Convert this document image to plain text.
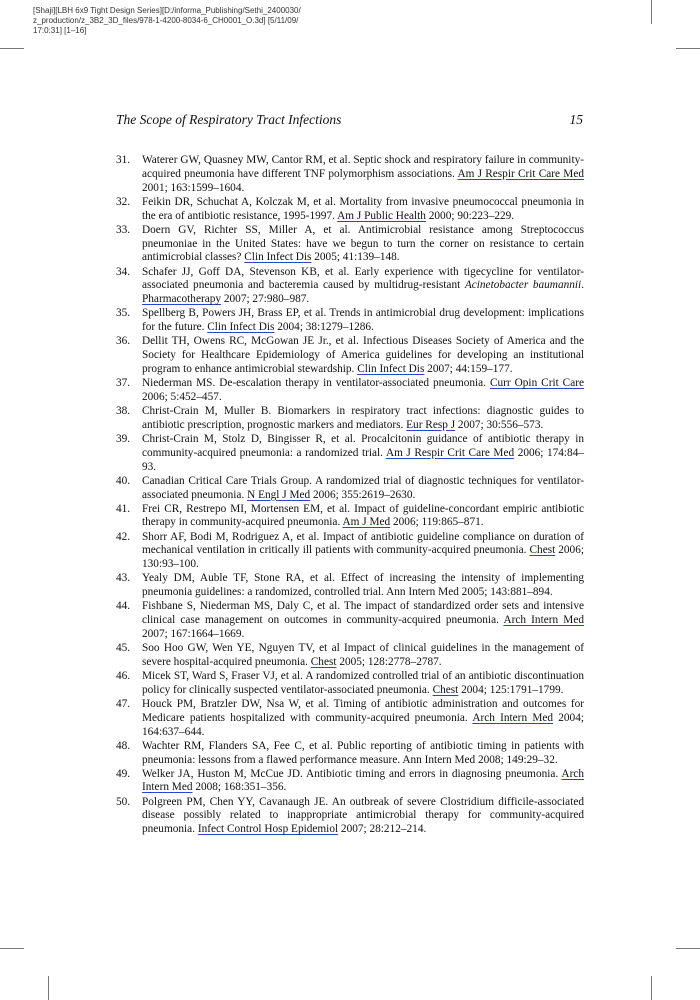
[Shaji][LBH 6x9 Tight Design Series][D:/informa_Publishing/Sethi_2400030/
z_production/z_3B2_3D_files/978-1-4200-8034-6_CH0001_O.3d] [5/11/09/
17:0:31] [1–16]
The Scope of Respiratory Tract Infections	15
31. Waterer GW, Quasney MW, Cantor RM, et al. Septic shock and respiratory failure in community-acquired pneumonia have different TNF polymorphism associations. Am J Respir Crit Care Med 2001; 163:1599–1604.
32. Feikin DR, Schuchat A, Kolczak M, et al. Mortality from invasive pneumococcal pneumonia in the era of antibiotic resistance, 1995-1997. Am J Public Health 2000; 90:223–229.
33. Doern GV, Richter SS, Miller A, et al. Antimicrobial resistance among Streptococcus pneumoniae in the United States: have we begun to turn the corner on resistance to certain antimicrobial classes? Clin Infect Dis 2005; 41:139–148.
34. Schafer JJ, Goff DA, Stevenson KB, et al. Early experience with tigecycline for ventilator-associated pneumonia and bacteremia caused by multidrug-resistant Acinetobacter baumannii. Pharmacotherapy 2007; 27:980–987.
35. Spellberg B, Powers JH, Brass EP, et al. Trends in antimicrobial drug development: implications for the future. Clin Infect Dis 2004; 38:1279–1286.
36. Dellit TH, Owens RC, McGowan JE Jr., et al. Infectious Diseases Society of America and the Society for Healthcare Epidemiology of America guidelines for developing an institutional program to enhance antimicrobial stewardship. Clin Infect Dis 2007; 44:159–177.
37. Niederman MS. De-escalation therapy in ventilator-associated pneumonia. Curr Opin Crit Care 2006; 5:452–457.
38. Christ-Crain M, Muller B. Biomarkers in respiratory tract infections: diagnostic guides to antibiotic prescription, prognostic markers and mediators. Eur Resp J 2007; 30:556–573.
39. Christ-Crain M, Stolz D, Bingisser R, et al. Procalcitonin guidance of antibiotic therapy in community-acquired pneumonia: a randomized trial. Am J Respir Crit Care Med 2006; 174:84–93.
40. Canadian Critical Care Trials Group. A randomized trial of diagnostic techniques for ventilator-associated pneumonia. N Engl J Med 2006; 355:2619–2630.
41. Frei CR, Restrepo MI, Mortensen EM, et al. Impact of guideline-concordant empiric antibiotic therapy in community-acquired pneumonia. Am J Med 2006; 119:865–871.
42. Shorr AF, Bodi M, Rodriguez A, et al. Impact of antibiotic guideline compliance on duration of mechanical ventilation in critically ill patients with community-acquired pneumonia. Chest 2006; 130:93–100.
43. Yealy DM, Auble TF, Stone RA, et al. Effect of increasing the intensity of implementing pneumonia guidelines: a randomized, controlled trial. Ann Intern Med 2005; 143:881–894.
44. Fishbane S, Niederman MS, Daly C, et al. The impact of standardized order sets and intensive clinical case management on outcomes in community-acquired pneumonia. Arch Intern Med 2007; 167:1664–1669.
45. Soo Hoo GW, Wen YE, Nguyen TV, et al Impact of clinical guidelines in the management of severe hospital-acquired pneumonia. Chest 2005; 128:2778–2787.
46. Micek ST, Ward S, Fraser VJ, et al. A randomized controlled trial of an antibiotic discontinuation policy for clinically suspected ventilator-associated pneumonia. Chest 2004; 125:1791–1799.
47. Houck PM, Bratzler DW, Nsa W, et al. Timing of antibiotic administration and outcomes for Medicare patients hospitalized with community-acquired pneumonia. Arch Intern Med 2004; 164:637–644.
48. Wachter RM, Flanders SA, Fee C, et al. Public reporting of antibiotic timing in patients with pneumonia: lessons from a flawed performance measure. Ann Intern Med 2008; 149:29–32.
49. Welker JA, Huston M, McCue JD. Antibiotic timing and errors in diagnosing pneumonia. Arch Intern Med 2008; 168:351–356.
50. Polgreen PM, Chen YY, Cavanaugh JE. An outbreak of severe Clostridium difficile-associated disease possibly related to inappropriate antimicrobial therapy for community-acquired pneumonia. Infect Control Hosp Epidemiol 2007; 28:212–214.
